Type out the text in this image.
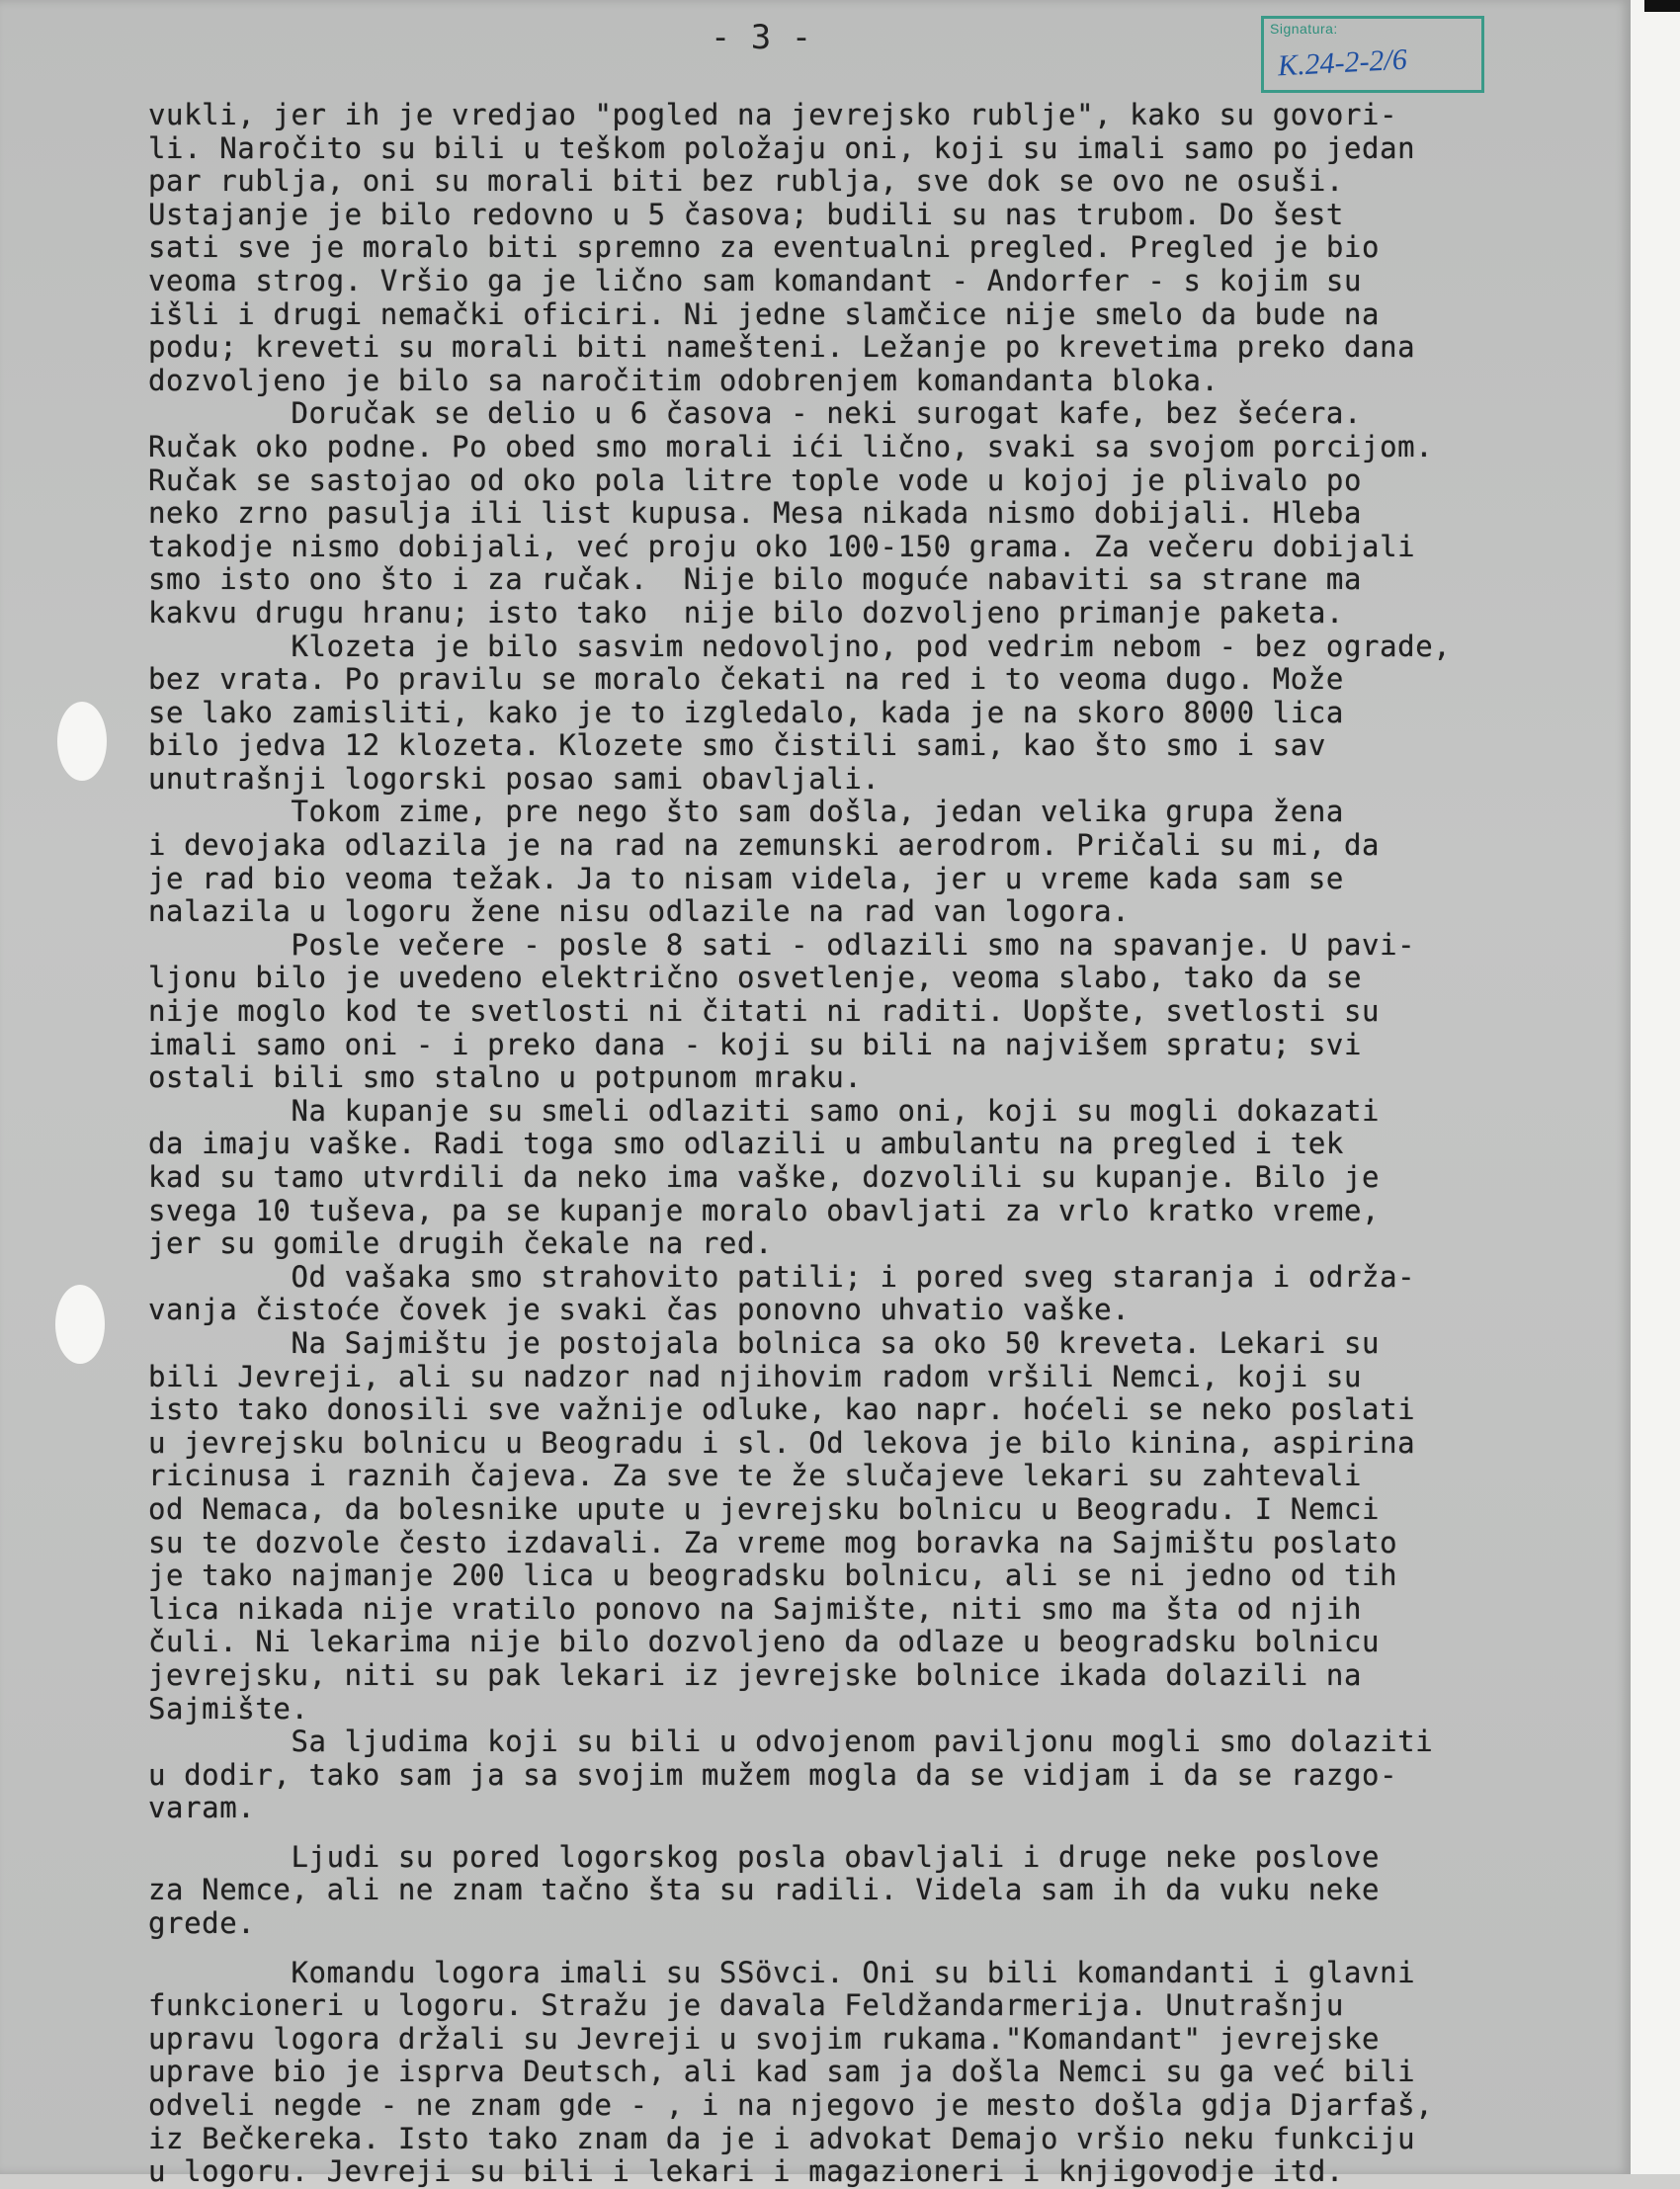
- 3 -	Signatura:
K.24-2-2/6
vukli, jer ih je vredjao "pogled na jevrejsko rublje", kako su govori-
li. Naročito su bili u teškom položaju oni, koji su imali samo po jedan
par rublja, oni su morali biti bez rublja, sve dok se ovo ne osuši.
Ustajanje je bilo redovno u 5 časova; budili su nas trubom. Do šest
sati sve je moralo biti spremno za eventualni pregled. Pregled je bio
veoma strog. Vršio ga je lično sam komandant - Andorfer - s kojim su
išli i drugi nemački oficiri. Ni jedne slamčice nije smelo da bude na
podu; kreveti su morali biti namešteni. Ležanje po krevetima preko dana
dozvoljeno je bilo sa naročitim odobrenjem komandanta bloka.
Doručak se delio u 6 časova - neki surogat kafe, bez šećera.
Ručak oko podne. Po obed smo morali ići lično, svaki sa svojom porcijom.
Ručak se sastojao od oko pola litre tople vode u kojoj je plivalo po
neko zrno pasulja ili list kupusa. Mesa nikada nismo dobijali. Hleba
takodje nismo dobijali, već proju oko 100-150 grama. Za večeru dobijali
smo isto ono što i za ručak.  Nije bilo moguće nabaviti sa strane ma
kakvu drugu hranu; isto tako  nije bilo dozvoljeno primanje paketa.
Klozeta je bilo sasvim nedovoljno, pod vedrim nebom - bez ograde,
bez vrata. Po pravilu se moralo čekati na red i to veoma dugo. Može
se lako zamisliti, kako je to izgledalo, kada je na skoro 8000 lica
bilo jedva 12 klozeta. Klozete smo čistili sami, kao što smo i sav
unutrašnji logorski posao sami obavljali.
Tokom zime, pre nego što sam došla, jedan velika grupa žena
i devojaka odlazila je na rad na zemunski aerodrom. Pričali su mi, da
je rad bio veoma težak. Ja to nisam videla, jer u vreme kada sam se
nalazila u logoru žene nisu odlazile na rad van logora.
Posle večere - posle 8 sati - odlazili smo na spavanje. U pavi-
ljonu bilo je uvedeno električno osvetlenje, veoma slabo, tako da se
nije moglo kod te svetlosti ni čitati ni raditi. Uopšte, svetlosti su
imali samo oni - i preko dana - koji su bili na najvišem spratu; svi
ostali bili smo stalno u potpunom mraku.
Na kupanje su smeli odlaziti samo oni, koji su mogli dokazati
da imaju vaške. Radi toga smo odlazili u ambulantu na pregled i tek
kad su tamo utvrdili da neko ima vaške, dozvolili su kupanje. Bilo je
svega 10 tuševa, pa se kupanje moralo obavljati za vrlo kratko vreme,
jer su gomile drugih čekale na red.
Od vašaka smo strahovito patili; i pored sveg staranja i održa-
vanja čistoće čovek je svaki čas ponovno uhvatio vaške.
Na Sajmištu je postojala bolnica sa oko 50 kreveta. Lekari su
bili Jevreji, ali su nadzor nad njihovim radom vršili Nemci, koji su
isto tako donosili sve važnije odluke, kao napr. hoćeli se neko poslati
u jevrejsku bolnicu u Beogradu i sl. Od lekova je bilo kinina, aspirina
ricinusa i raznih čajeva. Za sve te že slučajeve lekari su zahtevali
od Nemaca, da bolesnike upute u jevrejsku bolnicu u Beogradu. I Nemci
su te dozvole često izdavali. Za vreme mog boravka na Sajmištu poslato
je tako najmanje 200 lica u beogradsku bolnicu, ali se ni jedno od tih
lica nikada nije vratilo ponovo na Sajmište, niti smo ma šta od njih
čuli. Ni lekarima nije bilo dozvoljeno da odlaze u beogradsku bolnicu
jevrejsku, niti su pak lekari iz jevrejske bolnice ikada dolazili na
Sajmište.
Sa ljudima koji su bili u odvojenom paviljonu mogli smo dolaziti
u dodir, tako sam ja sa svojim mužem mogla da se vidjam i da se razgo-
varam.
Ljudi su pored logorskog posla obavljali i druge neke poslove
za Nemce, ali ne znam tačno šta su radili. Videla sam ih da vuku neke
grede.
Komandu logora imali su SSövci. Oni su bili komandanti i glavni
funkcioneri u logoru. Stražu je davala Feldžandarmerija. Unutrašnju
upravu logora držali su Jevreji u svojim rukama."Komandant" jevrejske
uprave bio je isprva Deutsch, ali kad sam ja došla Nemci su ga već bili
odveli negde - ne znam gde - , i na njegovo je mesto došla gdja Djarfaš,
iz Bečkereka. Isto tako znam da je i advokat Demajo vršio neku funkciju
u logoru. Jevreji su bili i lekari i magazioneri i knjigovodje itd.
